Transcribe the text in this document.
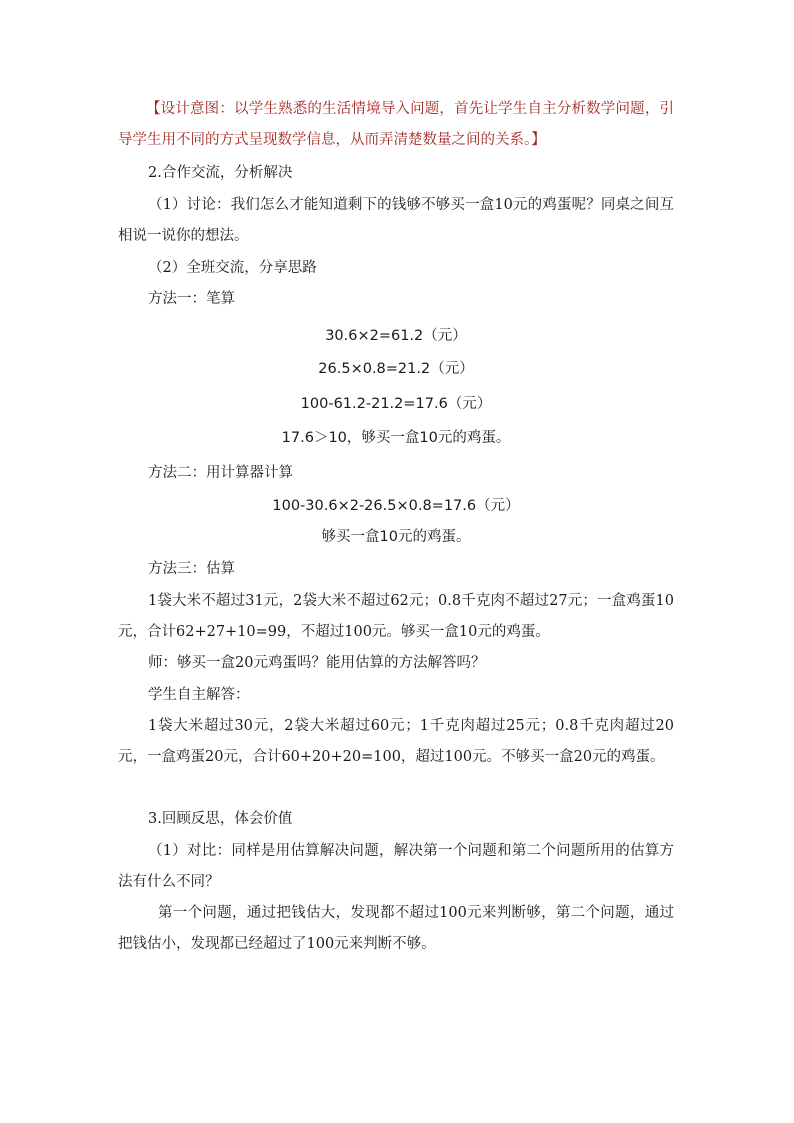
【设计意图：以学生熟悉的生活情境导入问题，首先让学生自主分析数学问题，引导学生用不同的方式呈现数学信息，从而弄清楚数量之间的关系。】
2.合作交流，分析解决
（1）讨论：我们怎么才能知道剩下的钱够不够买一盒10元的鸡蛋呢？同桌之间互相说一说你的想法。
（2）全班交流，分享思路
方法一：笔算
30.6×2=61.2（元）
26.5×0.8=21.2（元）
100-61.2-21.2=17.6（元）
17.6＞10，够买一盒10元的鸡蛋。
方法二：用计算器计算
100-30.6×2-26.5×0.8=17.6（元）
够买一盒10元的鸡蛋。
方法三：估算
1袋大米不超过31元，2袋大米不超过62元；0.8千克肉不超过27元；一盒鸡蛋10元，合计62+27+10=99，不超过100元。够买一盒10元的鸡蛋。
师：够买一盒20元鸡蛋吗？能用估算的方法解答吗？
学生自主解答：
1袋大米超过30元，2袋大米超过60元；1千克肉超过25元；0.8千克肉超过20元，一盒鸡蛋20元，合计60+20+20=100，超过100元。不够买一盒20元的鸡蛋。
3.回顾反思，体会价值
（1）对比：同样是用估算解决问题，解决第一个问题和第二个问题所用的估算方法有什么不同？
第一个问题，通过把钱估大，发现都不超过100元来判断够，第二个问题，通过把钱估小，发现都已经超过了100元来判断不够。
